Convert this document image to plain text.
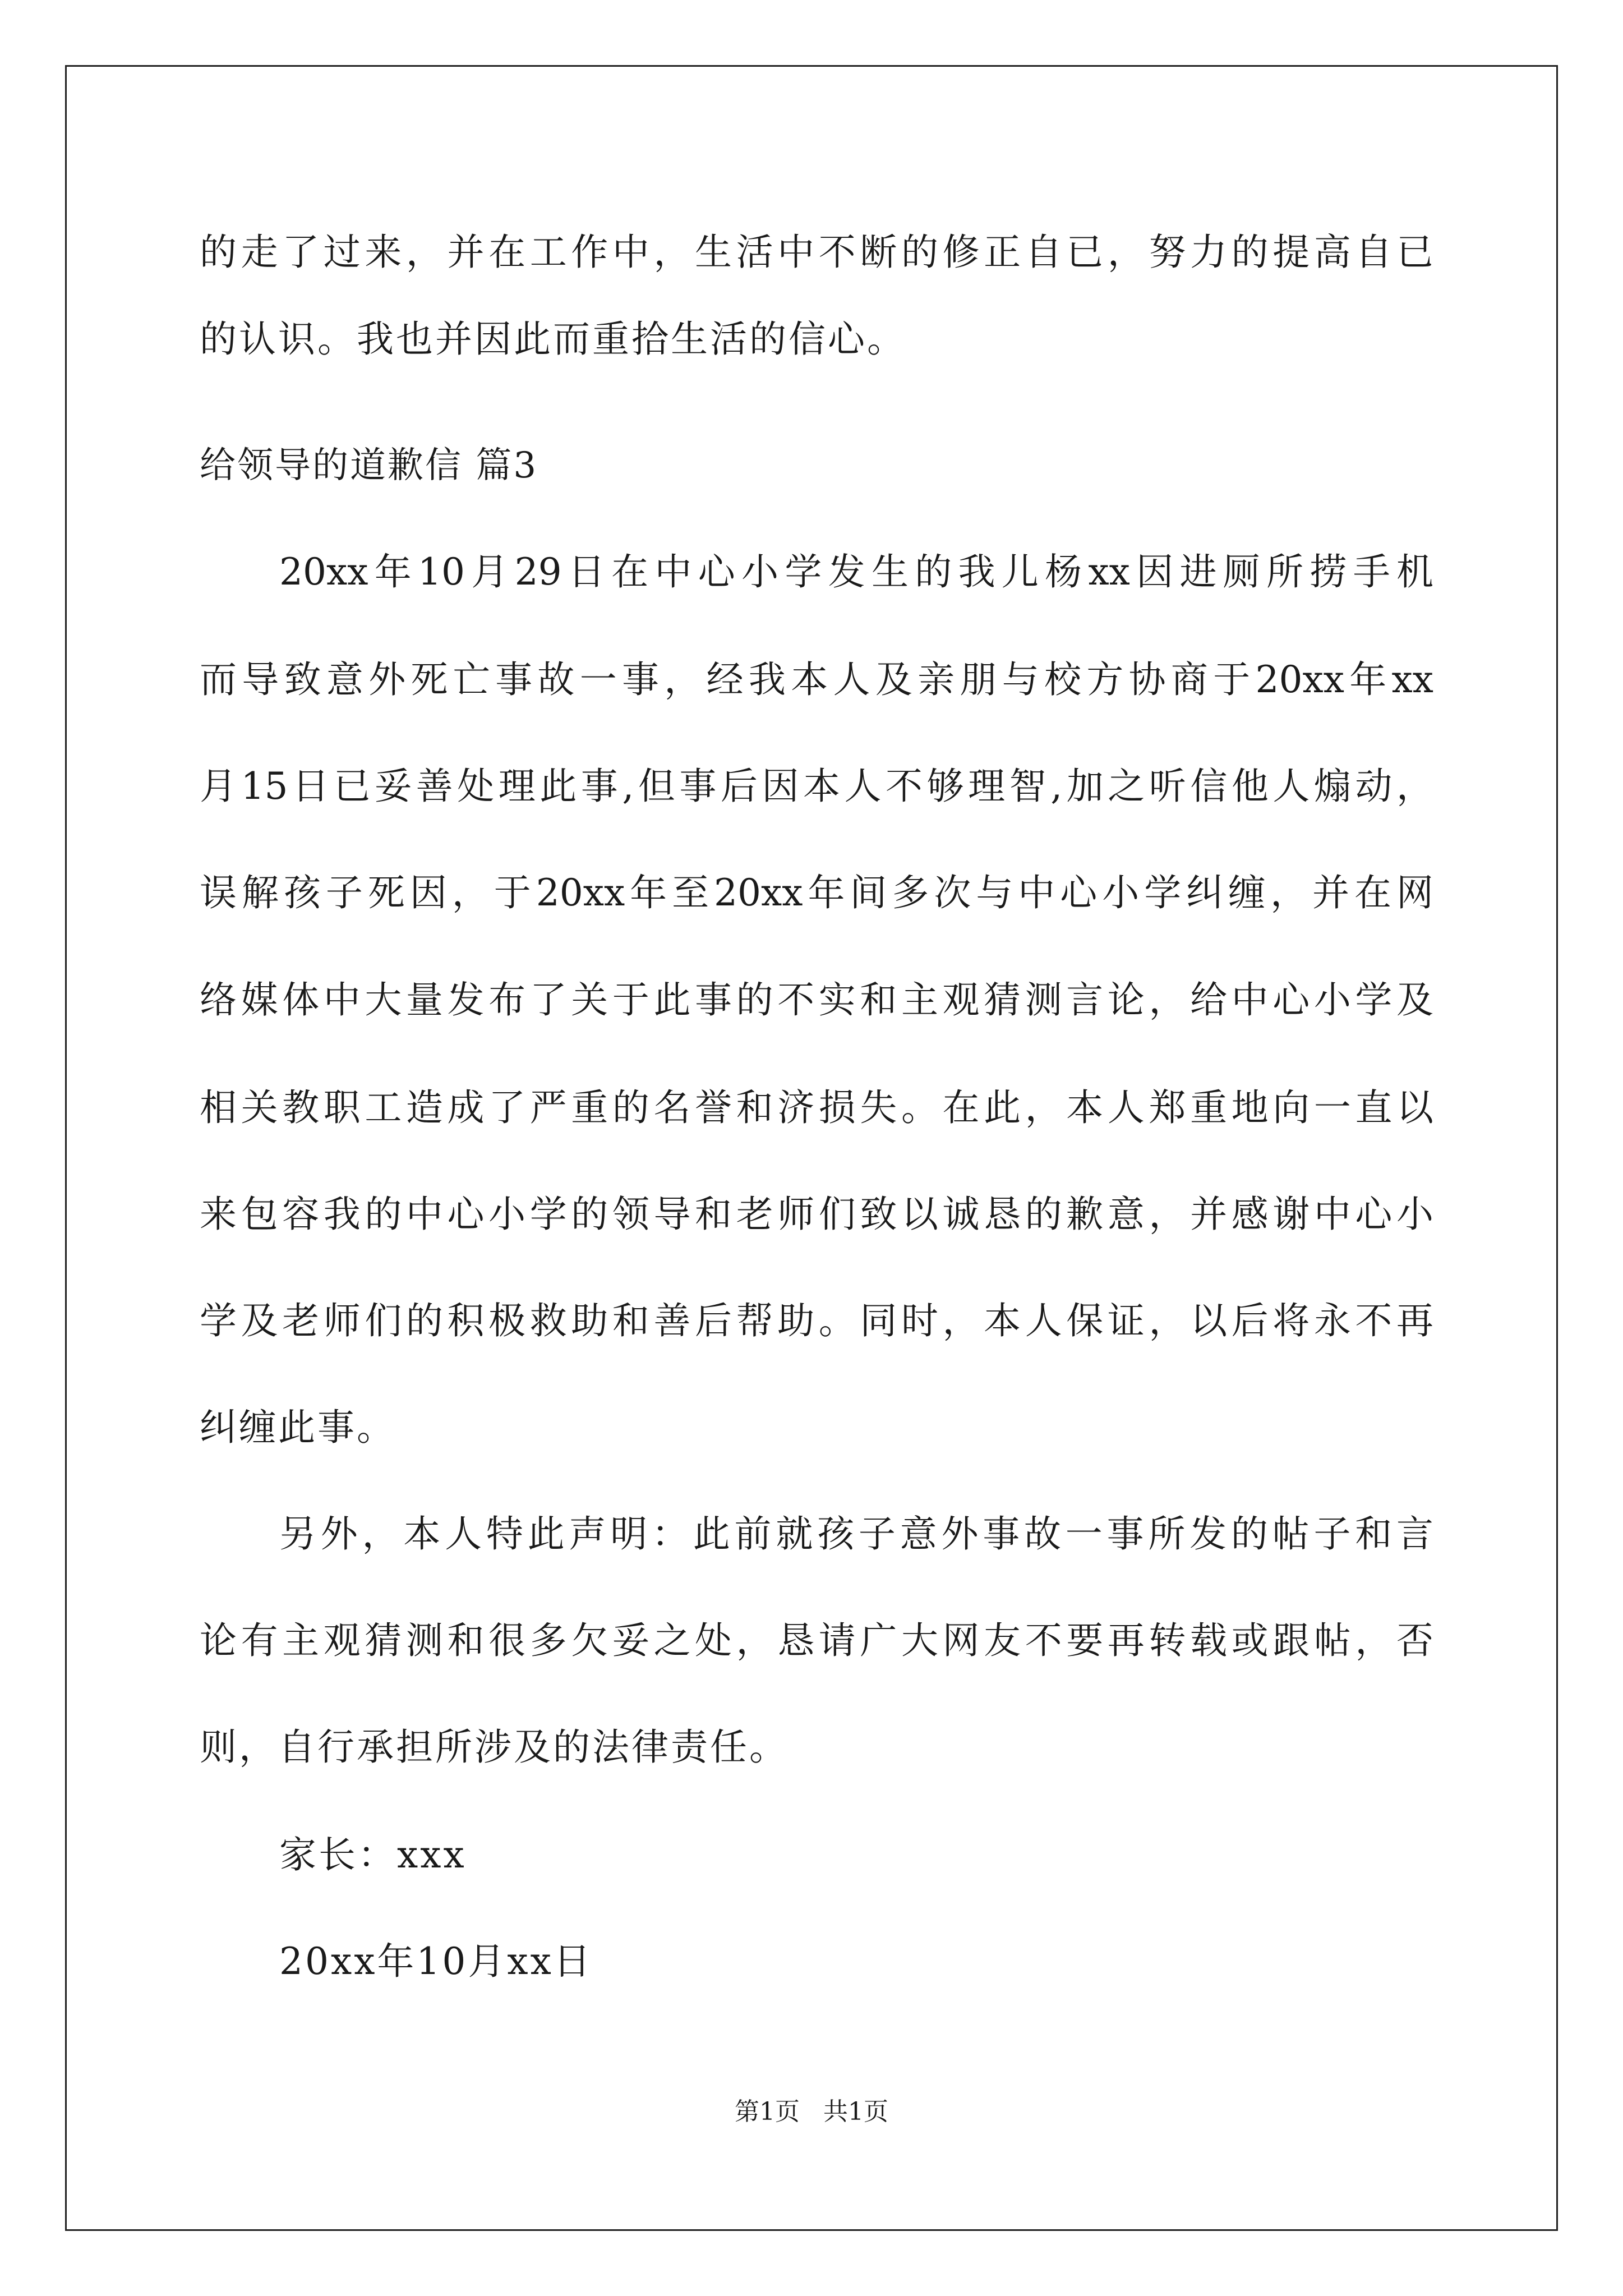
的走了过来，并在工作中，生活中不断的修正自已，努力的提高自已
的认识。我也并因此而重拾生活的信心。
给领导的道歉信 篇3
20xx年10月29日在中心小学发生的我儿杨xx因进厕所捞手机
而导致意外死亡事故一事，经我本人及亲朋与校方协商于20xx年xx
月15日已妥善处理此事,但事后因本人不够理智,加之听信他人煽动，
误解孩子死因，于20xx年至20xx年间多次与中心小学纠缠，并在网
络媒体中大量发布了关于此事的不实和主观猜测言论，给中心小学及
相关教职工造成了严重的名誉和济损失。在此，本人郑重地向一直以
来包容我的中心小学的领导和老师们致以诚恳的歉意，并感谢中心小
学及老师们的积极救助和善后帮助。同时，本人保证，以后将永不再
纠缠此事。
另外，本人特此声明：此前就孩子意外事故一事所发的帖子和言
论有主观猜测和很多欠妥之处，恳请广大网友不要再转载或跟帖，否
则，自行承担所涉及的法律责任。
家长：xxx
20xx年10月xx日
第1页   共1页
